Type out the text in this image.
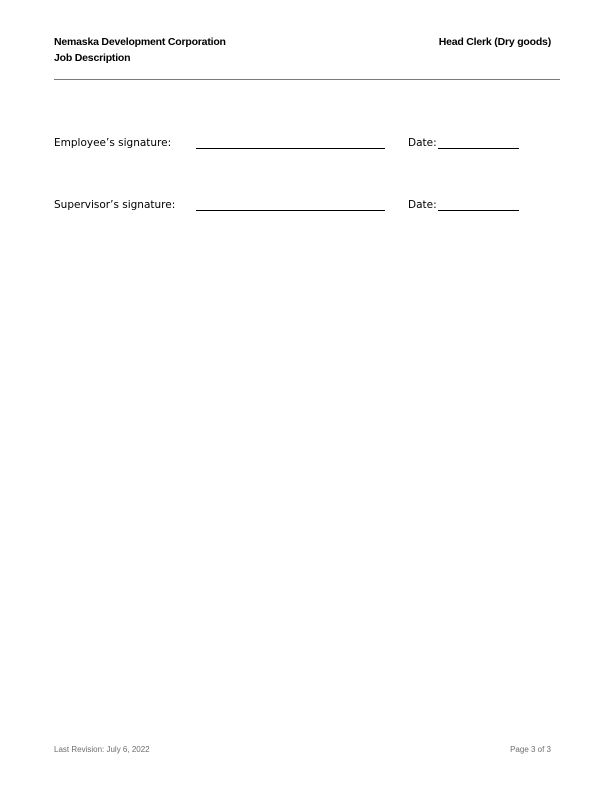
Nemaska Development Corporation
Job Description
Head Clerk (Dry goods)
Employee’s signature:	Date:
Supervisor’s signature:	Date:
Last Revision: July 6, 2022	Page 3 of 3
